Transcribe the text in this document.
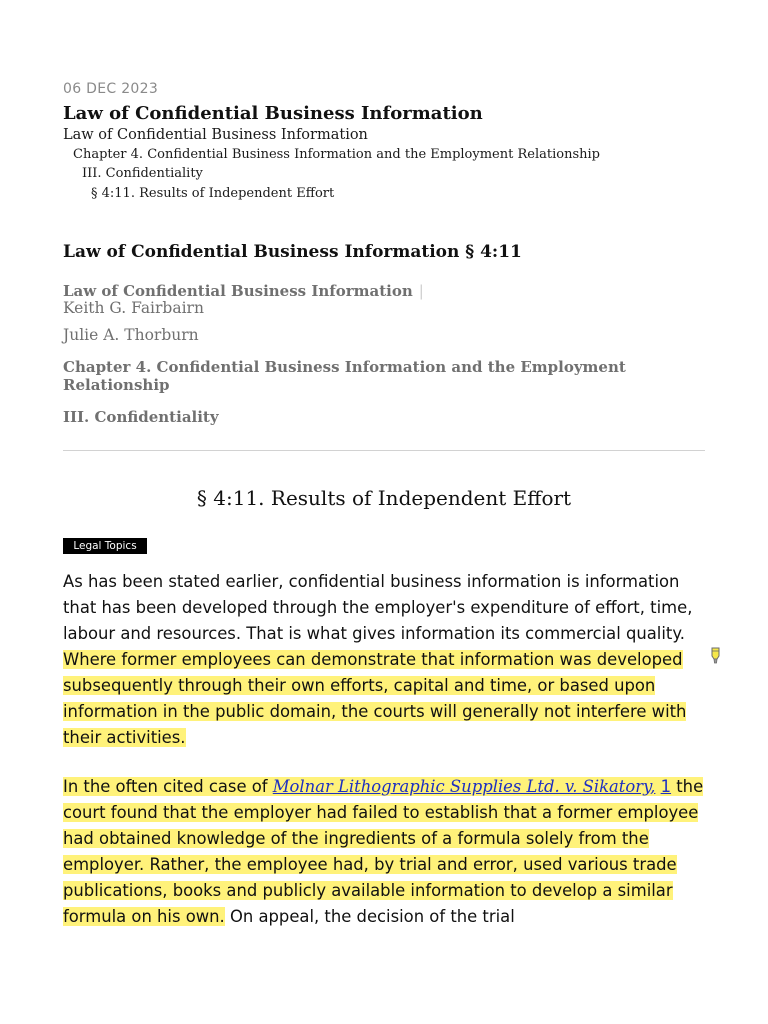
06 DEC 2023
Law of Confidential Business Information
Law of Confidential Business Information
Chapter 4. Confidential Business Information and the Employment Relationship
III. Confidentiality
§ 4:11. Results of Independent Effort
Law of Confidential Business Information § 4:11
Law of Confidential Business Information |
Keith G. Fairbairn
Julie A. Thorburn
Chapter 4. Confidential Business Information and the Employment Relationship
III. Confidentiality
§ 4:11. Results of Independent Effort
Legal Topics

As has been stated earlier, confidential business information is information that has been developed through the employer's expenditure of effort, time, labour and resources. That is what gives information its commercial quality. Where former employees can demonstrate that information was developed subsequently through their own efforts, capital and time, or based upon information in the public domain, the courts will generally not interfere with their activities.

In the often cited case of Molnar Lithographic Supplies Ltd. v. Sikatory, 1 the court found that the employer had failed to establish that a former employee had obtained knowledge of the ingredients of a formula solely from the employer. Rather, the employee had, by trial and error, used various trade publications, books and publicly available information to develop a similar formula on his own. On appeal, the decision of the trial
